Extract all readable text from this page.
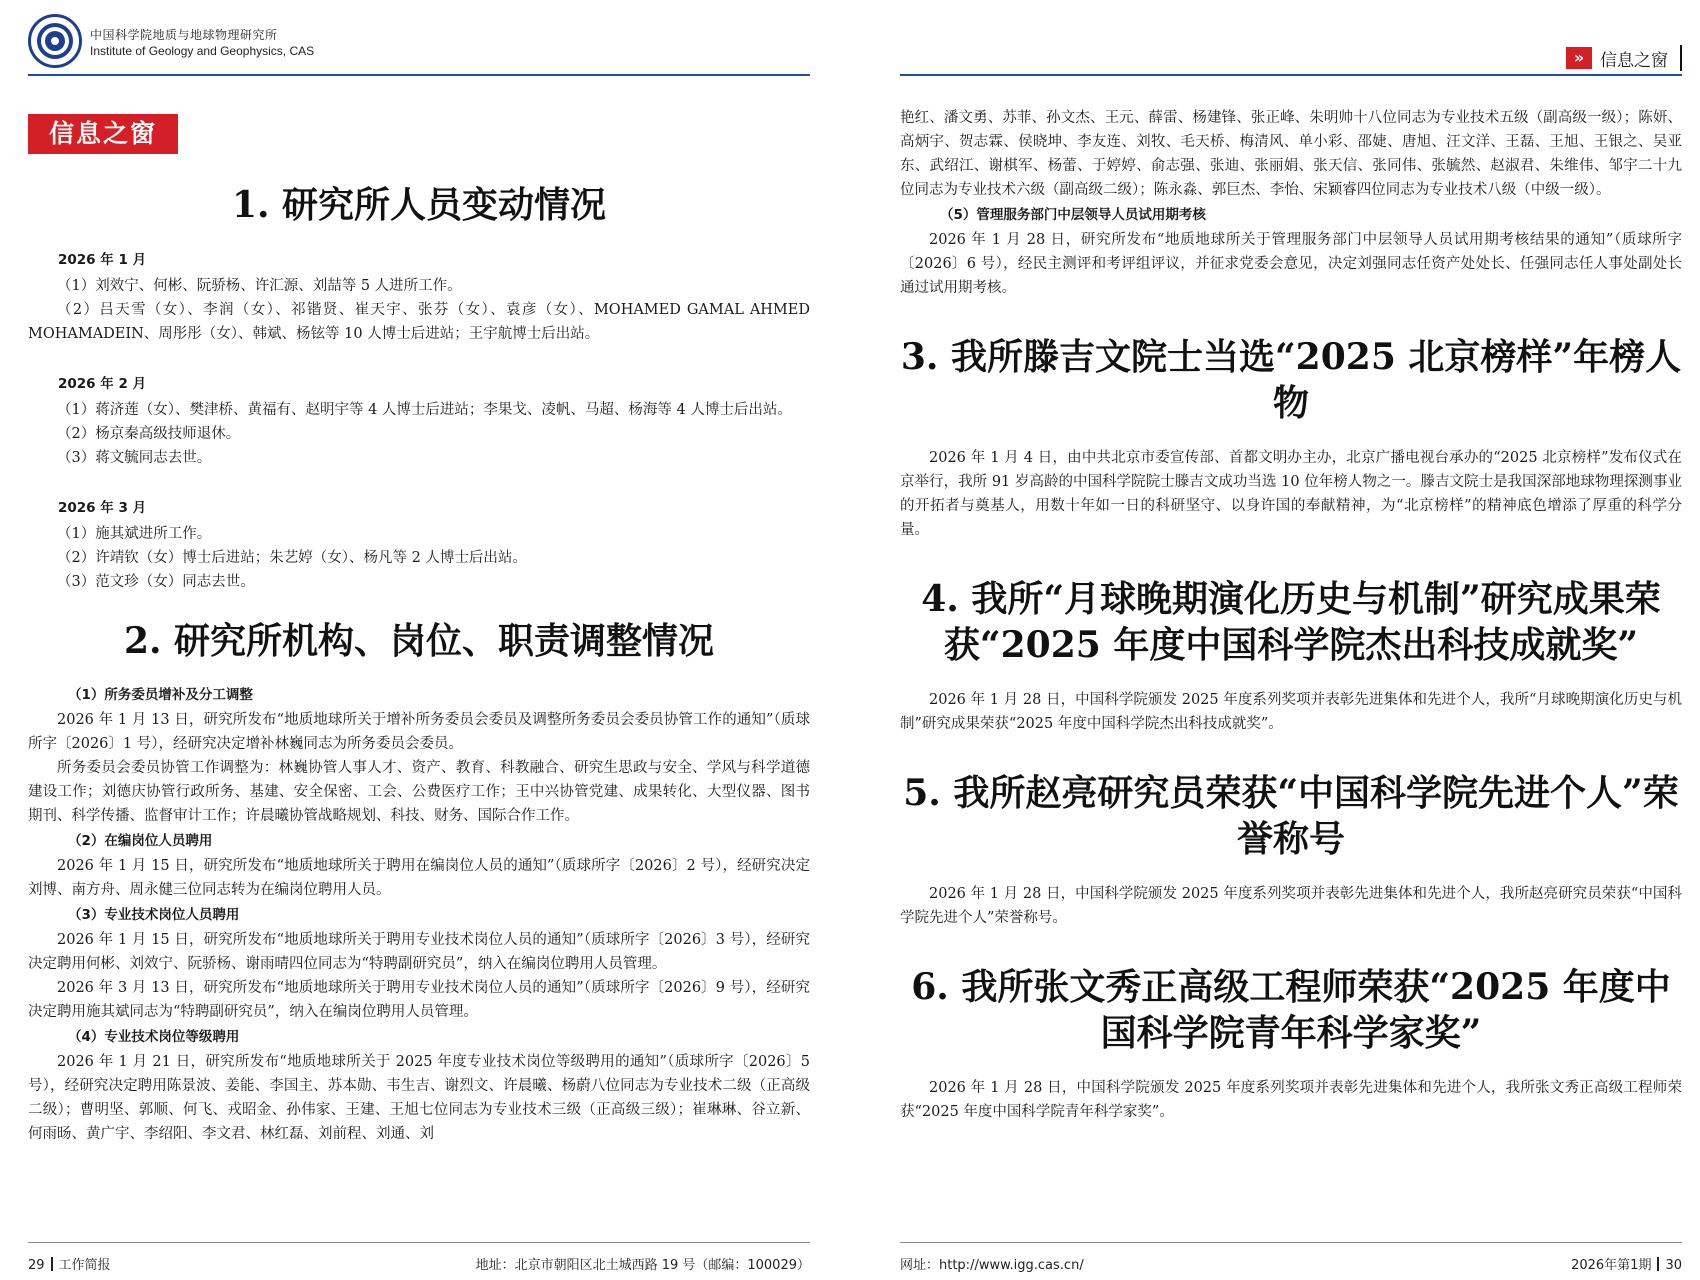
中国科学院地质与地球物理研究所
Institute of Geology and Geophysics, CAS
信息之窗
1. 研究所人员变动情况
2026 年 1 月

（1）刘效宁、何彬、阮骄杨、许汇源、刘喆等 5 人进所工作。

（2）吕天雪（女）、李润（女）、祁锴贤、崔天宇、张芬（女）、袁彦（女）、MOHAMED GAMAL AHMED MOHAMADEIN、周彤彤（女）、韩斌、杨铉等 10 人博士后进站；王宇航博士后出站。

2026 年 2 月

（1）蒋济莲（女）、樊津桥、黄福有、赵明宇等 4 人博士后进站；李果戈、凌帆、马超、杨海等 4 人博士后出站。

（2）杨京秦高级技师退休。

（3）蒋文毓同志去世。

2026 年 3 月

（1）施其斌进所工作。

（2）许靖钦（女）博士后进站；朱艺婷（女）、杨凡等 2 人博士后出站。

（3）范文珍（女）同志去世。

2. 研究所机构、岗位、职责调整情况
（1）所务委员增补及分工调整

2026 年 1 月 13 日，研究所发布“地质地球所关于增补所务委员会委员及调整所务委员会委员协管工作的通知”（质球所字〔2026〕1 号），经研究决定增补林巍同志为所务委员会委员。

所务委员会委员协管工作调整为：林巍协管人事人才、资产、教育、科教融合、研究生思政与安全、学风与科学道德建设工作；刘德庆协管行政所务、基建、安全保密、工会、公费医疗工作；王中兴协管党建、成果转化、大型仪器、图书期刊、科学传播、监督审计工作；许晨曦协管战略规划、科技、财务、国际合作工作。

（2）在编岗位人员聘用

2026 年 1 月 15 日，研究所发布“地质地球所关于聘用在编岗位人员的通知”（质球所字〔2026〕2 号），经研究决定刘博、南方舟、周永健三位同志转为在编岗位聘用人员。

（3）专业技术岗位人员聘用

2026 年 1 月 15 日，研究所发布“地质地球所关于聘用专业技术岗位人员的通知”（质球所字〔2026〕3 号），经研究决定聘用何彬、刘效宁、阮骄杨、谢雨晴四位同志为“特聘副研究员”，纳入在编岗位聘用人员管理。

2026 年 3 月 13 日，研究所发布“地质地球所关于聘用专业技术岗位人员的通知”（质球所字〔2026〕9 号），经研究决定聘用施其斌同志为“特聘副研究员”，纳入在编岗位聘用人员管理。

（4）专业技术岗位等级聘用

2026 年 1 月 21 日，研究所发布“地质地球所关于 2025 年度专业技术岗位等级聘用的通知”（质球所字〔2026〕5 号），经研究决定聘用陈景波、姜能、李国主、苏本勋、韦生吉、谢烈文、许晨曦、杨蔚八位同志为专业技术二级（正高级二级）；曹明坚、郭顺、何飞、戎昭金、孙伟家、王建、王旭七位同志为专业技术三级（正高级三级）；崔琳琳、谷立新、何雨旸、黄广宇、李绍阳、李文君、林红磊、刘前程、刘通、刘

29 工作简报	地址：北京市朝阳区北土城西路 19 号（邮编：100029）
» 信息之窗

艳红、潘文勇、苏菲、孙文杰、王元、薛雷、杨建锋、张正峰、朱明帅十八位同志为专业技术五级（副高级一级）；陈妍、高炳宇、贺志霖、侯晓坤、李友连、刘牧、毛天桥、梅清风、单小彩、邵婕、唐旭、汪文洋、王磊、王旭、王银之、吴亚东、武绍江、谢棋军、杨蕾、于婷婷、俞志强、张迪、张丽娟、张天信、张同伟、张毓然、赵淑君、朱维伟、邹宇二十九位同志为专业技术六级（副高级二级）；陈永淼、郭巨杰、李怡、宋颖睿四位同志为专业技术八级（中级一级）。

（5）管理服务部门中层领导人员试用期考核

2026 年 1 月 28 日，研究所发布“地质地球所关于管理服务部门中层领导人员试用期考核结果的通知”（质球所字〔2026〕6 号），经民主测评和考评组评议，并征求党委会意见，决定刘强同志任资产处处长、任强同志任人事处副处长通过试用期考核。

3. 我所滕吉文院士当选“2025 北京榜样”年榜人物

2026 年 1 月 4 日，由中共北京市委宣传部、首都文明办主办，北京广播电视台承办的“2025 北京榜样”发布仪式在京举行，我所 91 岁高龄的中国科学院院士滕吉文成功当选 10 位年榜人物之一。滕吉文院士是我国深部地球物理探测事业的开拓者与奠基人，用数十年如一日的科研坚守、以身许国的奉献精神，为“北京榜样”的精神底色增添了厚重的科学分量。

4. 我所“月球晚期演化历史与机制”研究成果荣获“2025 年度中国科学院杰出科技成就奖”

2026 年 1 月 28 日，中国科学院颁发 2025 年度系列奖项并表彰先进集体和先进个人，我所“月球晚期演化历史与机制”研究成果荣获“2025 年度中国科学院杰出科技成就奖”。

5. 我所赵亮研究员荣获“中国科学院先进个人”荣誉称号

2026 年 1 月 28 日，中国科学院颁发 2025 年度系列奖项并表彰先进集体和先进个人，我所赵亮研究员荣获“中国科学院先进个人”荣誉称号。

6. 我所张文秀正高级工程师荣获“2025 年度中国科学院青年科学家奖”

2026 年 1 月 28 日，中国科学院颁发 2025 年度系列奖项并表彰先进集体和先进个人，我所张文秀正高级工程师荣获“2025 年度中国科学院青年科学家奖”。

网址：http://www.igg.cas.cn/	2026年第1期 30
